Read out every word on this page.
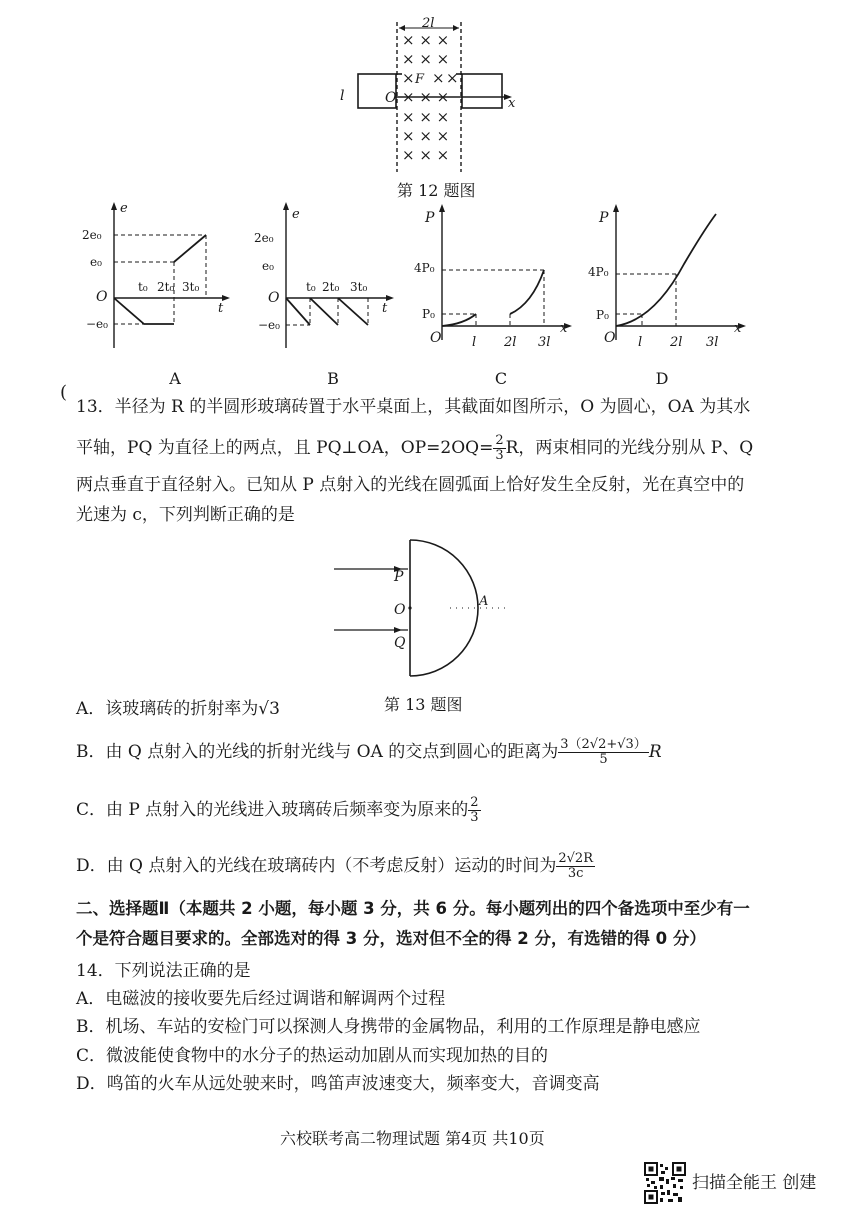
2l
× × ×
× × ×
× × ×
× × ×
× × ×
× × ×
× × ×
F
x
O
l
第 12 题图
e
t
2e₀
e₀
O
−e₀
t₀ 2t₀ 3t₀
A
e
t
2e₀
e₀
O
−e₀
t₀ 2t₀ 3t₀
B
P
x
4P₀
P₀
O l 2l 3l
C
P
x
4P₀
P₀
O l 2l 3l
D
(
13．半径为 R 的半圆形玻璃砖置于水平桌面上，其截面如图所示，O 为圆心，OA 为其水
平轴，PQ 为直径上的两点，且 PQ⊥OA，$OP=2OQ= \frac{2}{3}$ R，两束相同的光线分别从 P、Q
两点垂直于直径射入。已知从 P 点射入的光线在圆弧面上恰好发生全反射，光在真空中的
光速为 c，下列判断正确的是
P
O
Q
A
A．该玻璃砖的折射率为√3	第 13 题图
B．由 Q 点射入的光线的折射光线与 OA 的交点到圆心的距离为 $\frac{3(2√2+√3)}{5}$ R
C．由 P 点射入的光线进入玻璃砖后频率变为原来的 $\frac{2}{3}$
D．由 Q 点射入的光线在玻璃砖内（不考虑反射）运动的时间为 $\frac{2√2R}{3c}$
二、选择题Ⅱ（本题共 2 小题，每小题 3 分，共 6 分。每小题列出的四个备选项中至少有一
个是符合题目要求的。全部选对的得 3 分，选对但不全的得 2 分，有选错的得 0 分）
14．下列说法正确的是
A．电磁波的接收要先后经过调谐和解调两个过程
B．机场、车站的安检门可以探测人身携带的金属物品，利用的工作原理是静电感应
C．微波能使食物中的水分子的热运动加剧从而实现加热的目的
D．鸣笛的火车从远处驶来时，鸣笛声波速变大，频率变大，音调变高
六校联考高二物理试题 第4页 共10页
扫描全能王 创建
